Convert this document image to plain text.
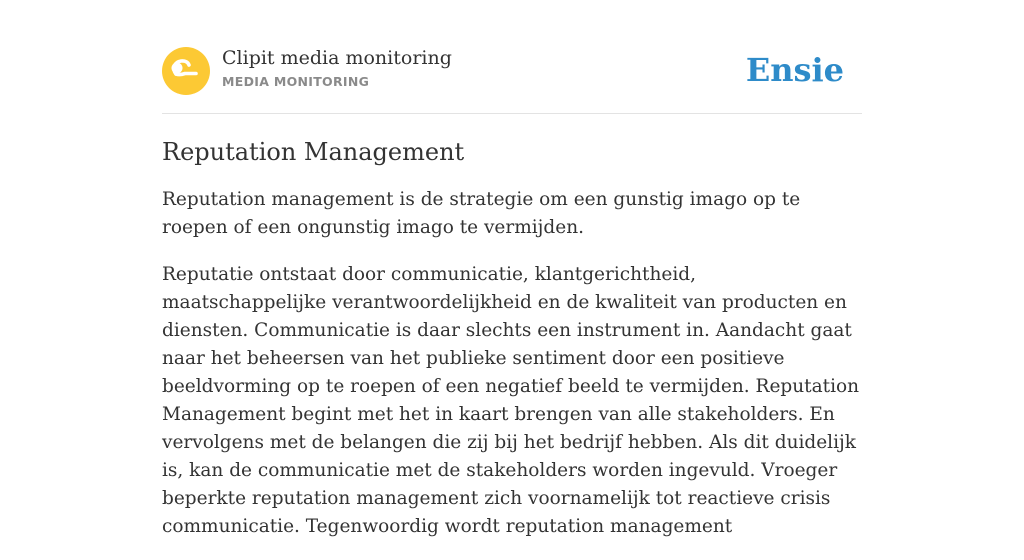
Clipit media monitoring
MEDIA MONITORING	Ensie
Reputation Management

Reputation management is de strategie om een gunstig imago op te roepen of een ongunstig imago te vermijden.

Reputatie ontstaat door communicatie, klantgerichtheid, maatschappelijke verantwoordelijkheid en de kwaliteit van producten en diensten. Communicatie is daar slechts een instrument in. Aandacht gaat naar het beheersen van het publieke sentiment door een positieve beeldvorming op te roepen of een negatief beeld te vermijden. Reputation Management begint met het in kaart brengen van alle stakeholders. En vervolgens met de belangen die zij bij het bedrijf hebben. Als dit duidelijk is, kan de communicatie met de stakeholders worden ingevuld. Vroeger beperkte reputation management zich voornamelijk tot reactieve crisis communicatie. Tegenwoordig wordt reputation management
